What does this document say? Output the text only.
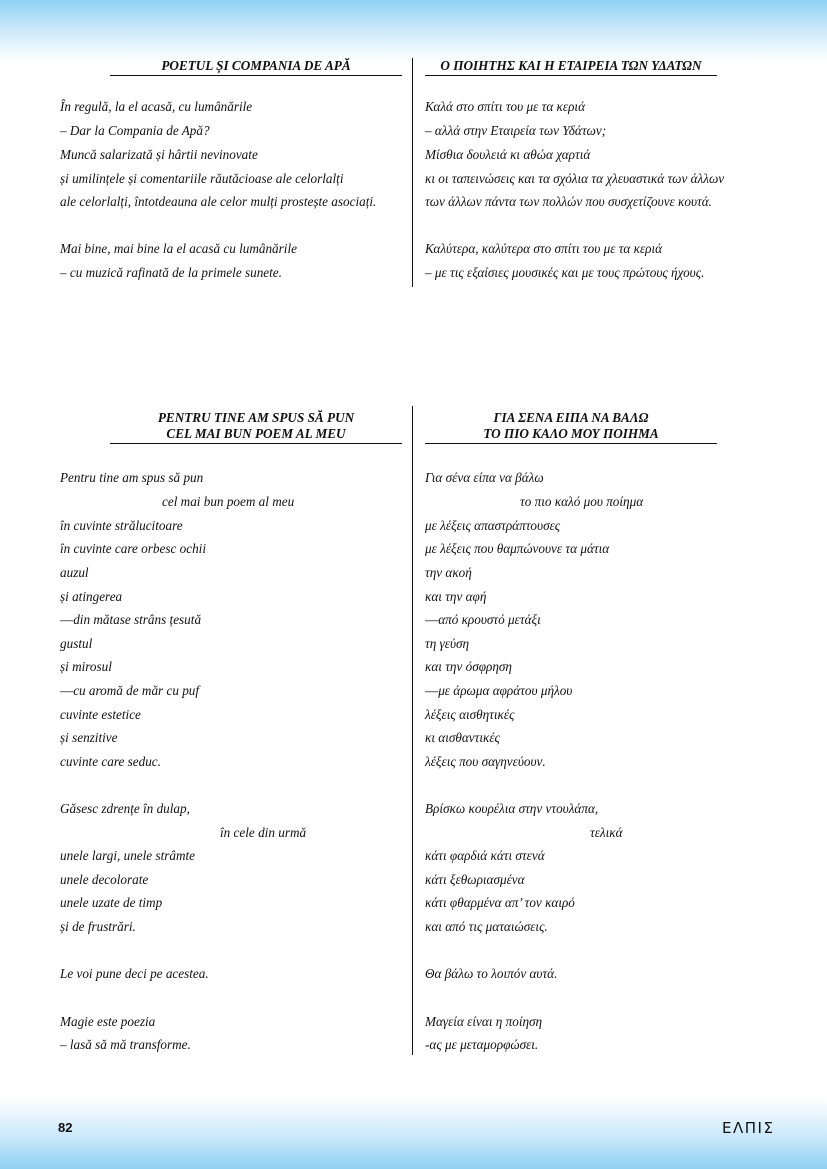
POETUL ȘI COMPANIA DE APĂ
În regulă, la el acasă, cu lumânările
– Dar la Compania de Apă?
Muncă salarizată și hârtii nevinovate
și umilințele și comentariile răutăcioase ale celorlalți
ale celorlalți, întotdeauna ale celor mulți prostește asociați.
Mai bine, mai bine la el acasă cu lumânările
– cu muzică rafinată de la primele sunete.
Ο ΠΟΙΗΤΗΣ ΚΑΙ Η ΕΤΑΙΡΕΙΑ ΤΩΝ ΥΔΑΤΩΝ
Καλά στο σπίτι του με τα κεριά
– αλλά στην Εταιρεία των Υδάτων;
Μίσθια δουλειά κι αθώα χαρτιά
κι οι ταπεινώσεις και τα σχόλια τα χλευαστικά των άλλων
των άλλων πάντα των πολλών που συσχετίζουνε κουτά.
Καλύτερα, καλύτερα στο σπίτι του με τα κεριά
– με τις εξαίσιες μουσικές και με τους πρώτους ήχους.
PENTRU TINE AM SPUS SĂ PUN
CEL MAI BUN POEM AL MEU
Pentru tine am spus să pun
cel mai bun poem al meu
în cuvinte strălucitoare
în cuvinte care orbesc ochii
auzul
și atingerea
––din mătase strâns țesută
gustul
și mirosul
––cu aromă de măr cu puf
cuvinte estetice
și senzitive
cuvinte care seduc.
Găsesc zdrențe în dulap,
în cele din urmă
unele largi, unele strâmte
unele decolorate
unele uzate de timp
și de frustrări.
Le voi pune deci pe acestea.
Magie este poezia
– lasă să mă transforme.
ΓΙΑ ΣΕΝΑ ΕΙΠΑ ΝΑ ΒΑΛΩ
ΤΟ ΠΙΟ ΚΑΛΟ ΜΟΥ ΠΟΙΗΜΑ
Για σένα είπα να βάλω
το πιο καλό μου ποίημα
με λέξεις απαστράπτουσες
με λέξεις που θαμπώνουνε τα μάτια
την ακοή
και την αφή
––από κρουστό μετάξι
τη γεύση
και την όσφρηση
––με άρωμα αφράτου μήλου
λέξεις αισθητικές
κι αισθαντικές
λέξεις που σαγηνεύουν.
Βρίσκω κουρέλια στην ντουλάπα,
τελικά
κάτι φαρδιά κάτι στενά
κάτι ξεθωριασμένα
κάτι φθαρμένα απ’ τον καιρό
και από τις ματαιώσεις.
Θα βάλω το λοιπόν αυτά.
Μαγεία είναι η ποίηση
-ας με μεταμορφώσει.
82	ΕΛΠΙΣ
